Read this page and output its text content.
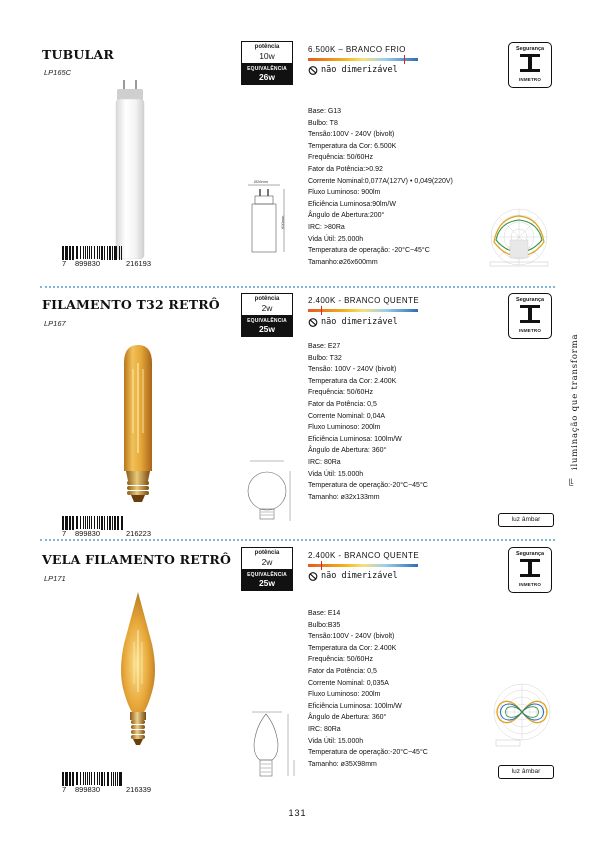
TUBULAR
LP165C
potência
10w
EQUIVALÊNCIA
26w
6.500K – BRANCO FRIO
não dimerizável
Segurança
INMETRO
Base: G13
Bulbo: T8
Tensão:100V - 240V (bivolt)
Temperatura da Cor: 6.500K
Frequência: 50/60Hz
Fator da Potência:>0.92
Corrente Nominal:0,077A(127V) • 0,049(220V)
Fluxo Luminoso: 900lm
Eficiência Luminosa:90lm/W
Ângulo de Abertura:200°
IRC: >80Ra
Vida Útil: 25.000h
Temperatura de operação: -20°C~45°C
Tamanho:ø26x600mm
Ø26mm
600mm
7 899830	216193
FILAMENTO T32 RETRÔ
LP167
potência
2w
EQUIVALÊNCIA
25w
2.400K - BRANCO QUENTE
não dimerizável
Segurança
INMETRO
Base: E27
Bulbo: T32
Tensão: 100V - 240V (bivolt)
Temperatura da Cor: 2.400K
Frequência: 50/60Hz
Fator da Potência: 0,5
Corrente Nominal: 0,04A
Fluxo Luminoso: 200lm
Eficiência Luminosa: 100lm/W
Ângulo de Abertura: 360°
IRC: 80Ra
Vida Útil: 15.000h
Temperatura de operação:-20°C~45°C
Tamanho: ø32x133mm
7 899830	216223
luz âmbar
VELA FILAMENTO RETRÔ
LP171
potência
2w
EQUIVALÊNCIA
25w
2.400K - BRANCO QUENTE
não dimerizável
Segurança
INMETRO
Base: E14
Bulbo:B35
Tensão:100V - 240V (bivolt)
Temperatura da Cor: 2.400K
Frequência: 50/60Hz
Fator da Potência: 0,5
Corrente Nominal: 0,035A
Fluxo Luminoso: 200lm
Eficiência Luminosa: 100lm/W
Ângulo de Abertura: 360°
IRC: 80Ra
Vida Útil: 15.000h
Temperatura de operação:-20°C~45°C
Tamanho: ø35X98mm
7 899830	216339
luz âmbar
iluminação que transforma
131
